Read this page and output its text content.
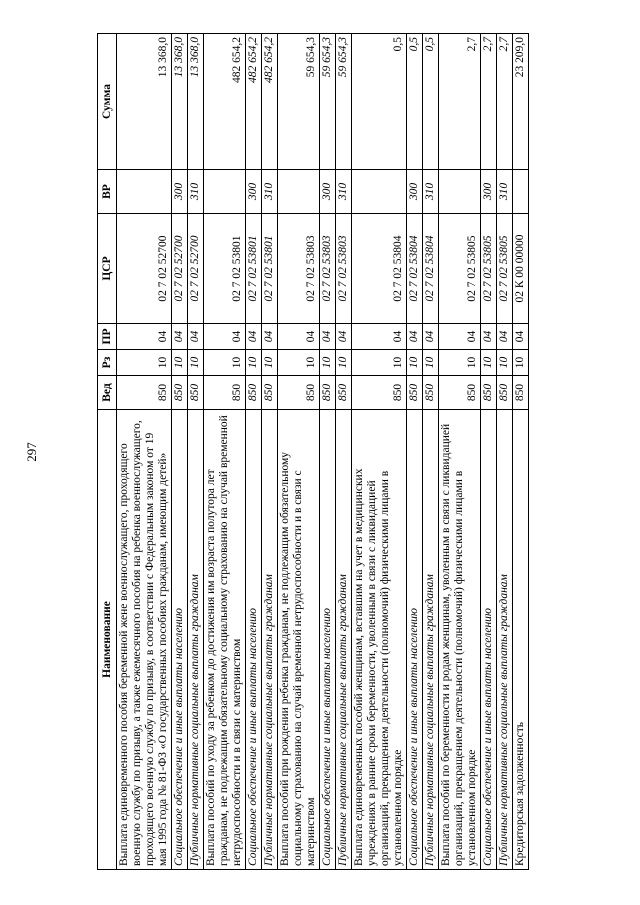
297
Наименование	Вед	Рз	ПР	ЦСР	ВР	Сумма
Выплата единовременного пособия беременной жене военнослужащего, проходящего военную службу по призыву, а также ежемесячного пособия на ребенка военнослужащего, проходящего военную службу по призыву, в соответствии с Федеральным законом от 19 мая 1995 года № 81-ФЗ «О государственных пособиях гражданам, имеющим детей»	850	10	04	02 7 02 52700		13 368,0
Социальное обеспечение и иные выплаты населению	850	10	04	02 7 02 52700	300	13 368,0
Публичные нормативные социальные выплаты гражданам	850	10	04	02 7 02 52700	310	13 368,0
Выплата пособий по уходу за ребенком до достижения им возраста полутора лет гражданам, не подлежащим обязательному социальному страхованию на случай временной нетрудоспособности и в связи с материнством	850	10	04	02 7 02 53801		482 654,2
Социальное обеспечение и иные выплаты населению	850	10	04	02 7 02 53801	300	482 654,2
Публичные нормативные социальные выплаты гражданам	850	10	04	02 7 02 53801	310	482 654,2
Выплата пособий при рождении ребенка гражданам, не подлежащим обязательному социальному страхованию на случай временной нетрудоспособности и в связи с материнством	850	10	04	02 7 02 53803		59 654,3
Социальное обеспечение и иные выплаты населению	850	10	04	02 7 02 53803	300	59 654,3
Публичные нормативные социальные выплаты гражданам	850	10	04	02 7 02 53803	310	59 654,3
Выплата единовременных пособий женщинам, вставшим на учет в медицинских учреждениях в ранние сроки беременности, уволенным в связи с ликвидацией организаций, прекращением деятельности (полномочий) физическими лицами в установленном порядке	850	10	04	02 7 02 53804		0,5
Социальное обеспечение и иные выплаты населению	850	10	04	02 7 02 53804	300	0,5
Публичные нормативные социальные выплаты гражданам	850	10	04	02 7 02 53804	310	0,5
Выплата пособий по беременности и родам женщинам, уволенным в связи с ликвидацией организаций, прекращением деятельности (полномочий) физическими лицами в установленном порядке	850	10	04	02 7 02 53805		2,7
Социальное обеспечение и иные выплаты населению	850	10	04	02 7 02 53805	300	2,7
Публичные нормативные социальные выплаты гражданам	850	10	04	02 7 02 53805	310	2,7
Кредиторская задолженность	850	10	04	02 К 00 00000		23 209,0
